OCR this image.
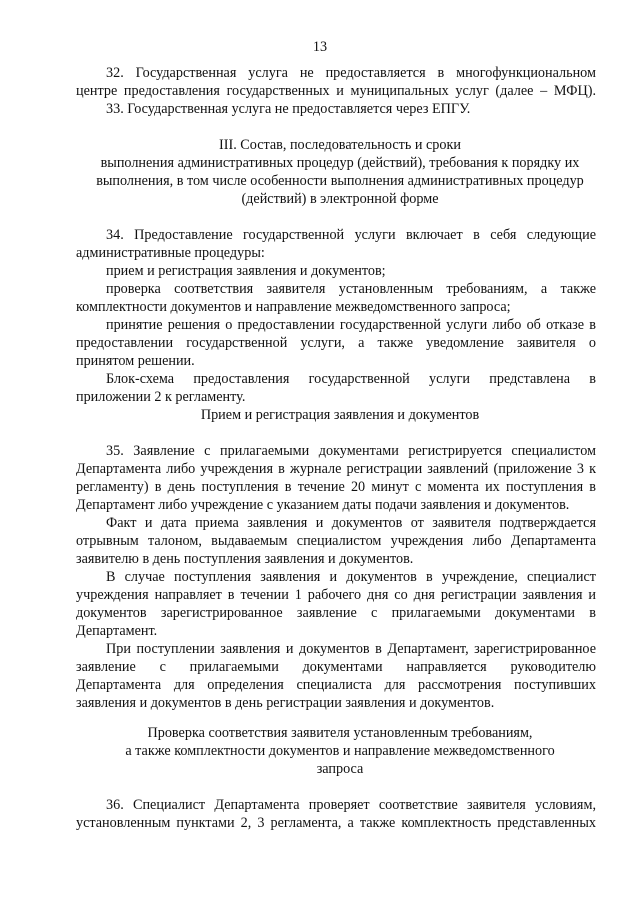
13
32. Государственная услуга не предоставляется в многофункциональном
центре предоставления государственных и муниципальных услуг (далее – МФЦ).
33. Государственная услуга не предоставляется через ЕПГУ.
III. Состав, последовательность и сроки
выполнения административных процедур (действий), требования к порядку их
выполнения, в том числе особенности выполнения административных процедур
(действий) в электронной форме
34. Предоставление государственной услуги включает в себя следующие
административные процедуры:
прием и регистрация заявления и документов;
проверка соответствия заявителя установленным требованиям, а также
комплектности документов и направление межведомственного запроса;
принятие решения о предоставлении государственной услуги либо об отказе в
предоставлении государственной услуги, а также уведомление заявителя о
принятом решении.
Блок-схема предоставления государственной услуги представлена в
приложении 2 к регламенту.
Прием и регистрация заявления и документов
35. Заявление с прилагаемыми документами регистрируется специалистом
Департамента либо учреждения в журнале регистрации заявлений (приложение 3 к
регламенту) в день поступления в течение 20 минут с момента их поступления в
Департамент либо учреждение с указанием даты подачи заявления и документов.
Факт и дата приема заявления и документов от заявителя подтверждается
отрывным талоном, выдаваемым специалистом учреждения либо Департамента
заявителю в день поступления заявления и документов.
В случае поступления заявления и документов в учреждение, специалист
учреждения направляет в течении 1 рабочего дня со дня регистрации заявления и
документов зарегистрированное заявление с прилагаемыми документами в
Департамент.
При поступлении заявления и документов в Департамент, зарегистрированное
заявление с прилагаемыми документами направляется руководителю
Департамента для определения специалиста для рассмотрения поступивших
заявления и документов в день регистрации заявления и документов.
Проверка соответствия заявителя установленным требованиям,
а также комплектности документов и направление межведомственного
запроса
36. Специалист Департамента проверяет соответствие заявителя условиям,
установленным пунктами 2, 3 регламента, а также комплектность представленных
